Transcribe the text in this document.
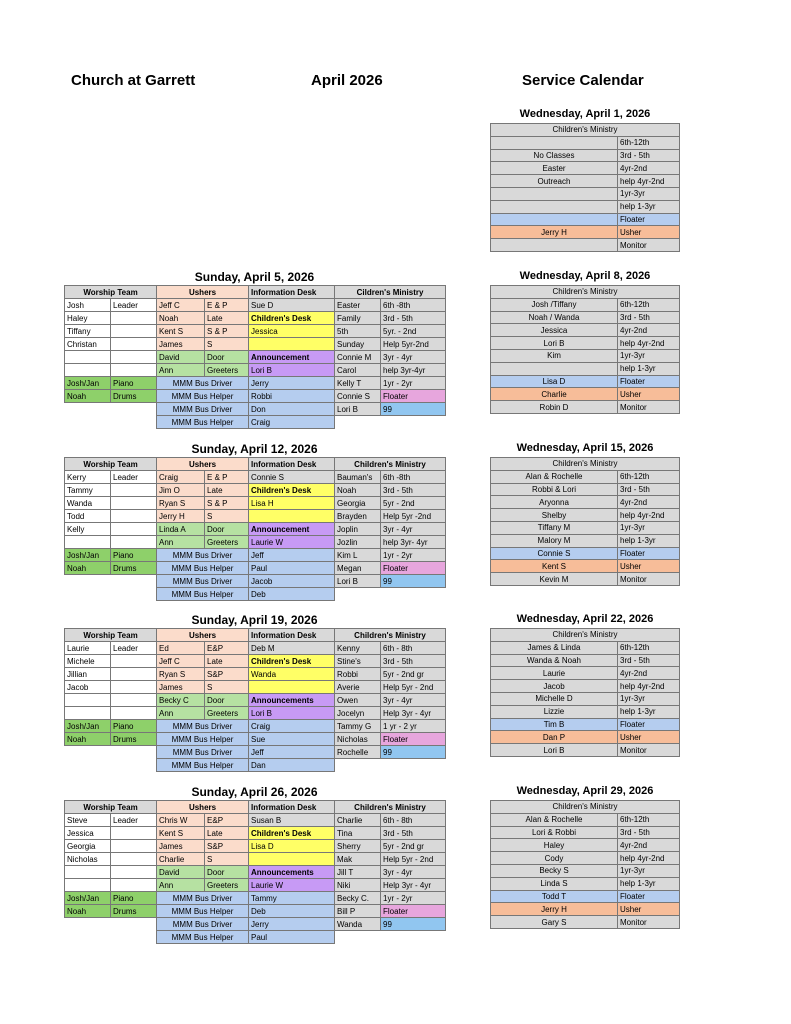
Church at Garrett	April 2026	Service Calendar
Wednesday, April 1, 2026
Children's Ministry	
	6th-12th
No Classes	3rd - 5th
Easter	4yr-2nd
Outreach	help 4yr-2nd
	1yr-3yr
	help 1-3yr
	Floater
Jerry H	Usher
	Monitor
Wednesday, April 8, 2026
Children's Ministry	
Josh /Tiffany	6th-12th
Noah / Wanda	3rd - 5th
Jessica	4yr-2nd
Lori B	help 4yr-2nd
Kim	1yr-3yr
	help 1-3yr
Lisa D	Floater
Charlie	Usher
Robin D	Monitor
Wednesday, April 15, 2026
Children's Ministry	
Alan & Rochelle	6th-12th
Robbi & Lori	3rd - 5th
Aryonna	4yr-2nd
Shelby	help 4yr-2nd
Tiffany M	1yr-3yr
Malory M	help 1-3yr
Connie S	Floater
Kent S	Usher
Kevin M	Monitor
Wednesday, April 22, 2026
Children's Ministry	
James & Linda	6th-12th
Wanda & Noah	3rd - 5th
Laurie	4yr-2nd
Jacob	help 4yr-2nd
Michelle D	1yr-3yr
Lizzie	help 1-3yr
Tim B	Floater
Dan P	Usher
Lori B	Monitor
Wednesday, April 29, 2026
Children's Ministry	
Alan & Rochelle	6th-12th
Lori & Robbi	3rd - 5th
Haley	4yr-2nd
Cody	help 4yr-2nd
Becky S	1yr-3yr
Linda S	help 1-3yr
Todd T	Floater
Jerry H	Usher
Gary S	Monitor
Sunday, April 5, 2026
Worship Team		Ushers		Information Desk	Cildren's Ministry	
Josh	Leader	Jeff C	E & P	Sue D	Easter	6th -8th
Haley		Noah	Late	Children's Desk	Family	3rd - 5th
Tiffany		Kent S	S & P	Jessica	5th	5yr. - 2nd
Christan		James	S		Sunday	Help 5yr-2nd
		David	Door	Announcement	Connie M	3yr - 4yr
		Ann	Greeters	Lori B	Carol	help 3yr-4yr
Josh/Jan	Piano	MMM Bus Driver		Jerry	Kelly T	1yr - 2yr
Noah	Drums	MMM Bus Helper		Robbi	Connie S	Floater
		MMM Bus Driver		Don	Lori B	99
		MMM Bus Helper		Craig		
Sunday, April 12, 2026
Worship Team		Ushers		Information Desk	Children's Ministry	
Kerry	Leader	Craig	E & P	Connie S	Bauman's	6th -8th
Tammy		Jim O	Late	Children's Desk	Noah	3rd - 5th
Wanda		Ryan S	S & P	Lisa H	Georgia	5yr - 2nd
Todd		Jerry H	S		Brayden	Help 5yr -2nd
Kelly		Linda A	Door	Announcement	Joplin	3yr - 4yr
		Ann	Greeters	Laurie W	Jozlin	help 3yr- 4yr
Josh/Jan	Piano	MMM Bus Driver		Jeff	Kim L	1yr - 2yr
Noah	Drums	MMM Bus Helper		Paul	Megan	Floater
		MMM Bus Driver		Jacob	Lori B	99
		MMM Bus Helper		Deb		
Sunday, April 19, 2026
Worship Team		Ushers		Information Desk	Children's Ministry	
Laurie	Leader	Ed	E&P	Deb M	Kenny	6th - 8th
Michele		Jeff C	Late	Children's Desk	Stine's	3rd - 5th
Jillian		Ryan S	S&P	Wanda	Robbi	5yr - 2nd gr
Jacob		James	S		Averie	Help 5yr - 2nd
		Becky C	Door	Announcements	Owen	3yr - 4yr
		Ann	Greeters	Lori B	Jocelyn	Help 3yr - 4yr
Josh/Jan	Piano	MMM Bus Driver		Craig	Tammy G	1 yr - 2 yr
Noah	Drums	MMM Bus Helper		Sue	Nicholas	Floater
		MMM Bus Driver		Jeff	Rochelle	99
		MMM Bus Helper		Dan		
Sunday, April 26, 2026
Worship Team		Ushers		Information Desk	Children's Ministry	
Steve	Leader	Chris W	E&P	Susan B	Charlie	6th - 8th
Jessica		Kent S	Late	Children's Desk	Tina	3rd - 5th
Georgia		James	S&P	Lisa D	Sherry	5yr - 2nd gr
Nicholas		Charlie	S		Mak	Help 5yr - 2nd
		David	Door	Announcements	Jill T	3yr - 4yr
		Ann	Greeters	Laurie W	Niki	Help 3yr - 4yr
Josh/Jan	Piano	MMM Bus Driver		Tammy	Becky C.	1yr - 2yr
Noah	Drums	MMM Bus Helper		Deb	Bill P	Floater
		MMM Bus Driver		Jerry	Wanda	99
		MMM Bus Helper		Paul		
